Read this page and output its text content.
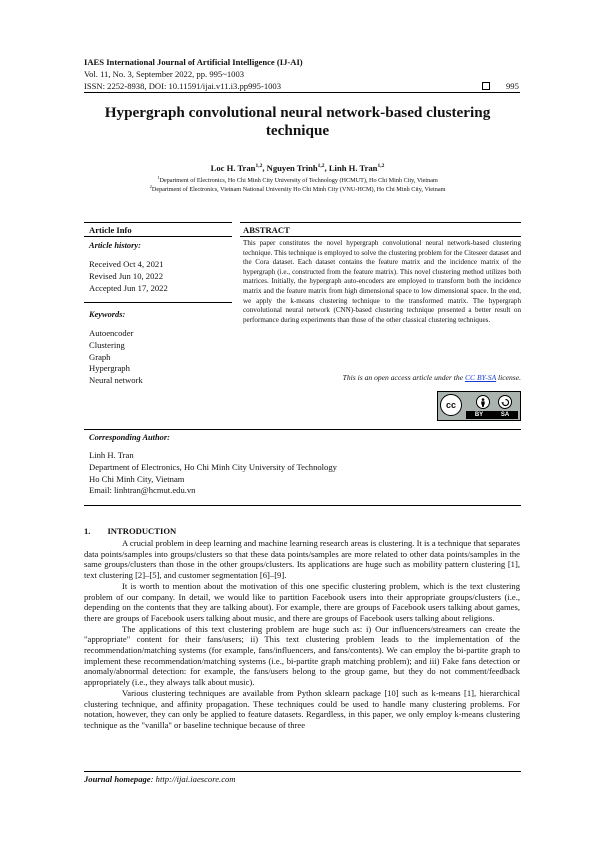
IAES International Journal of Artificial Intelligence (IJ-AI)
Vol. 11, No. 3, September 2022, pp. 995~1003
ISSN: 2252-8938, DOI: 10.11591/ijai.v11.i3.pp995-1003	995
Hypergraph convolutional neural network-based clustering
technique
Loc H. Tran$^{1,2}$, Nguyen Trinh$^{1,2}$, Linh H. Tran$^{1,2}$
$^1$Department of Electronics, Ho Chi Minh City University of Technology (HCMUT), Ho Chi Minh City, Vietnam
$^2$Department of Electronics, Vietnam National University Ho Chi Minh City (VNU-HCM), Ho Chi Minh City, Vietnam
Article Info	ABSTRACT
Article history:
Received Oct 4, 2021
Revised Jun 10, 2022
Accepted Jun 17, 2022
Keywords:
Autoencoder
Clustering
Graph
Hypergraph
Neural network
This paper constitutes the novel hypergraph convolutional neural network-based clustering technique. This technique is employed to solve the clustering problem for the Citeseer dataset and the Cora dataset. Each dataset contains the feature matrix and the incidence matrix of the hypergraph (i.e., constructed from the feature matrix). This novel clustering method utilizes both matrices. Initially, the hypergraph auto-encoders are employed to transform both the incidence matrix and the feature matrix from high dimensional space to low dimensional space. In the end, we apply the k-means clustering technique to the transformed matrix. The hypergraph convolutional neural network (CNN)-based clustering technique presented a better result on performance during experiments than those of the other classical clustering techniques.
This is an open access article under the CC BY-SA license.
cc
BY	SA
Corresponding Author:
Linh H. Tran
Department of Electronics, Ho Chi Minh City University of Technology
Ho Chi Minh City, Vietnam
Email: linhtran@hcmut.edu.vn
1. INTRODUCTION

A crucial problem in deep learning and machine learning research areas is clustering. It is a technique that separates data points/samples into groups/clusters so that these data points/samples are more related to other data points/samples in the same groups/clusters than those in the other groups/clusters. Its applications are huge such as mobility pattern clustering [1], text clustering [2]–[5], and customer segmentation [6]–[9].

It is worth to mention about the motivation of this one specific clustering problem, which is the text clustering problem of our company. In detail, we would like to partition Facebook users into their appropriate groups/clusters (i.e., depending on the contents that they are talking about). For example, there are groups of Facebook users talking about games, there are groups of Facebook users talking about music, and there are groups of Facebook users talking about religions.

The applications of this text clustering problem are huge such as: i) Our influencers/streamers can create the "appropriate" content for their fans/users; ii) This text clustering problem leads to the implementation of the recommendation/matching systems (for example, fans/influencers, and fans/contents). We can employ the bi-partite graph to implement these recommendation/matching systems (i.e., bi-partite graph matching problem); and iii) Fake fans detection or anomaly/abnormal detection: for example, the fans/users belong to the group game, but they do not comment/feedback appropriately (i.e., they always talk about music).

Various clustering techniques are available from Python sklearn package [10] such as k-means [1], hierarchical clustering technique, and affinity propagation. These techniques could be used to handle many clustering problems. For notation, however, they can only be applied to feature datasets. Regardless, in this paper, we only employ k-means clustering technique as the "vanilla" or baseline technique because of three

Journal homepage: http://ijai.iaescore.com
